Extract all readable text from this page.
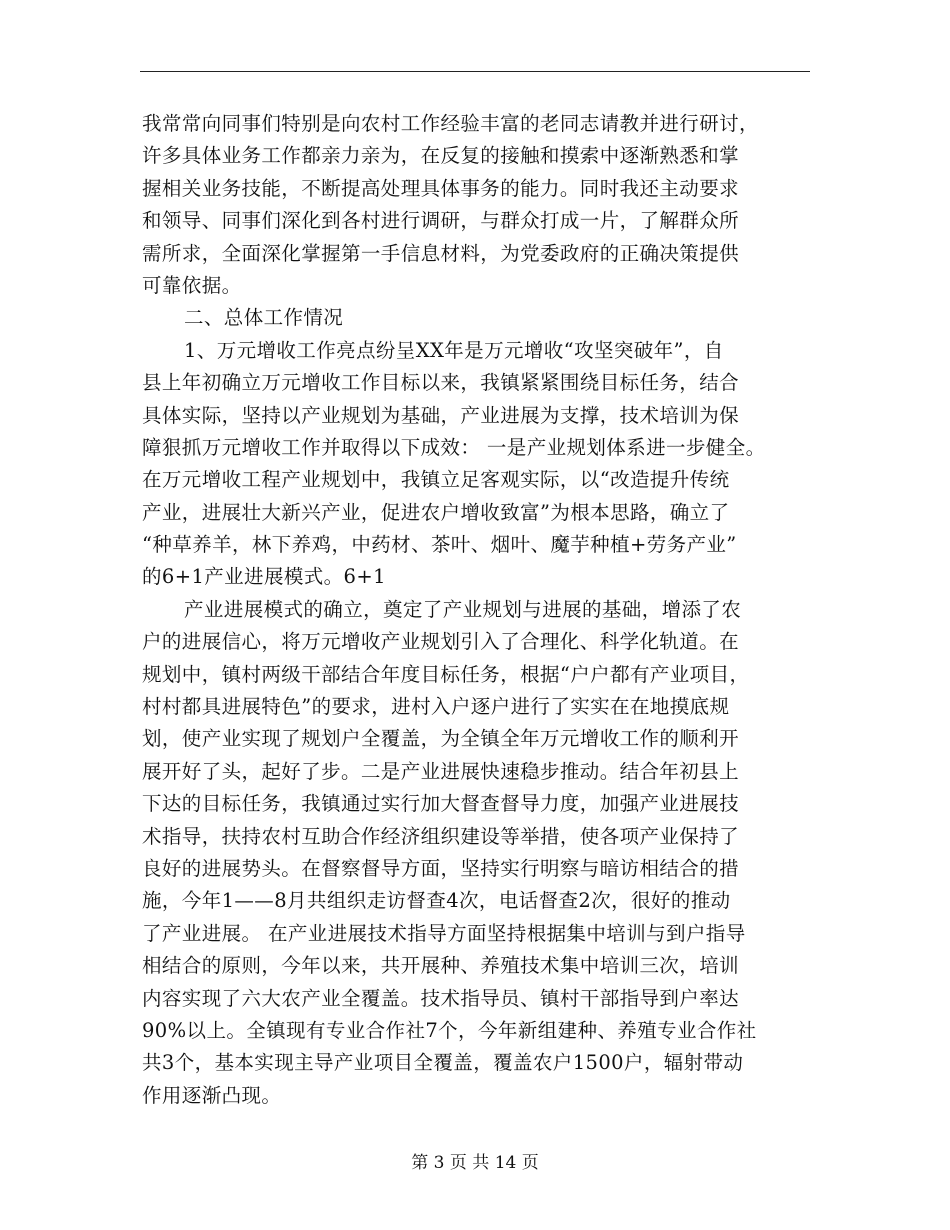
我常常向同事们特别是向农村工作经验丰富的老同志请教并进行研讨，
许多具体业务工作都亲力亲为，在反复的接触和摸索中逐渐熟悉和掌
握相关业务技能，不断提高处理具体事务的能力。同时我还主动要求
和领导、同事们深化到各村进行调研，与群众打成一片，了解群众所
需所求，全面深化掌握第一手信息材料，为党委政府的正确决策提供
可靠依据。
二、总体工作情况
1、万元增收工作亮点纷呈XX年是万元增收“攻坚突破年”，自
县上年初确立万元增收工作目标以来，我镇紧紧围绕目标任务，结合
具体实际，坚持以产业规划为基础，产业进展为支撑，技术培训为保
障狠抓万元增收工作并取得以下成效： 一是产业规划体系进一步健全。
在万元增收工程产业规划中，我镇立足客观实际，以“改造提升传统
产业，进展壮大新兴产业，促进农户增收致富”为根本思路，确立了
“种草养羊，林下养鸡，中药材、茶叶、烟叶、魔芋种植+劳务产业”
的6+1产业进展模式。6+1
产业进展模式的确立，奠定了产业规划与进展的基础，增添了农
户的进展信心，将万元增收产业规划引入了合理化、科学化轨道。在
规划中，镇村两级干部结合年度目标任务，根据“户户都有产业项目，
村村都具进展特色”的要求，进村入户逐户进行了实实在在地摸底规
划，使产业实现了规划户全覆盖，为全镇全年万元增收工作的顺利开
展开好了头，起好了步。二是产业进展快速稳步推动。结合年初县上
下达的目标任务，我镇通过实行加大督查督导力度，加强产业进展技
术指导，扶持农村互助合作经济组织建设等举措，使各项产业保持了
良好的进展势头。在督察督导方面，坚持实行明察与暗访相结合的措
施，今年1——8月共组织走访督查4次，电话督查2次，很好的推动
了产业进展。 在产业进展技术指导方面坚持根据集中培训与到户指导
相结合的原则，今年以来，共开展种、养殖技术集中培训三次，培训
内容实现了六大农产业全覆盖。技术指导员、镇村干部指导到户率达
90%以上。全镇现有专业合作社7个，今年新组建种、养殖专业合作社
共3个，基本实现主导产业项目全覆盖，覆盖农户1500户，辐射带动
作用逐渐凸现。
第 3 页 共 14 页
